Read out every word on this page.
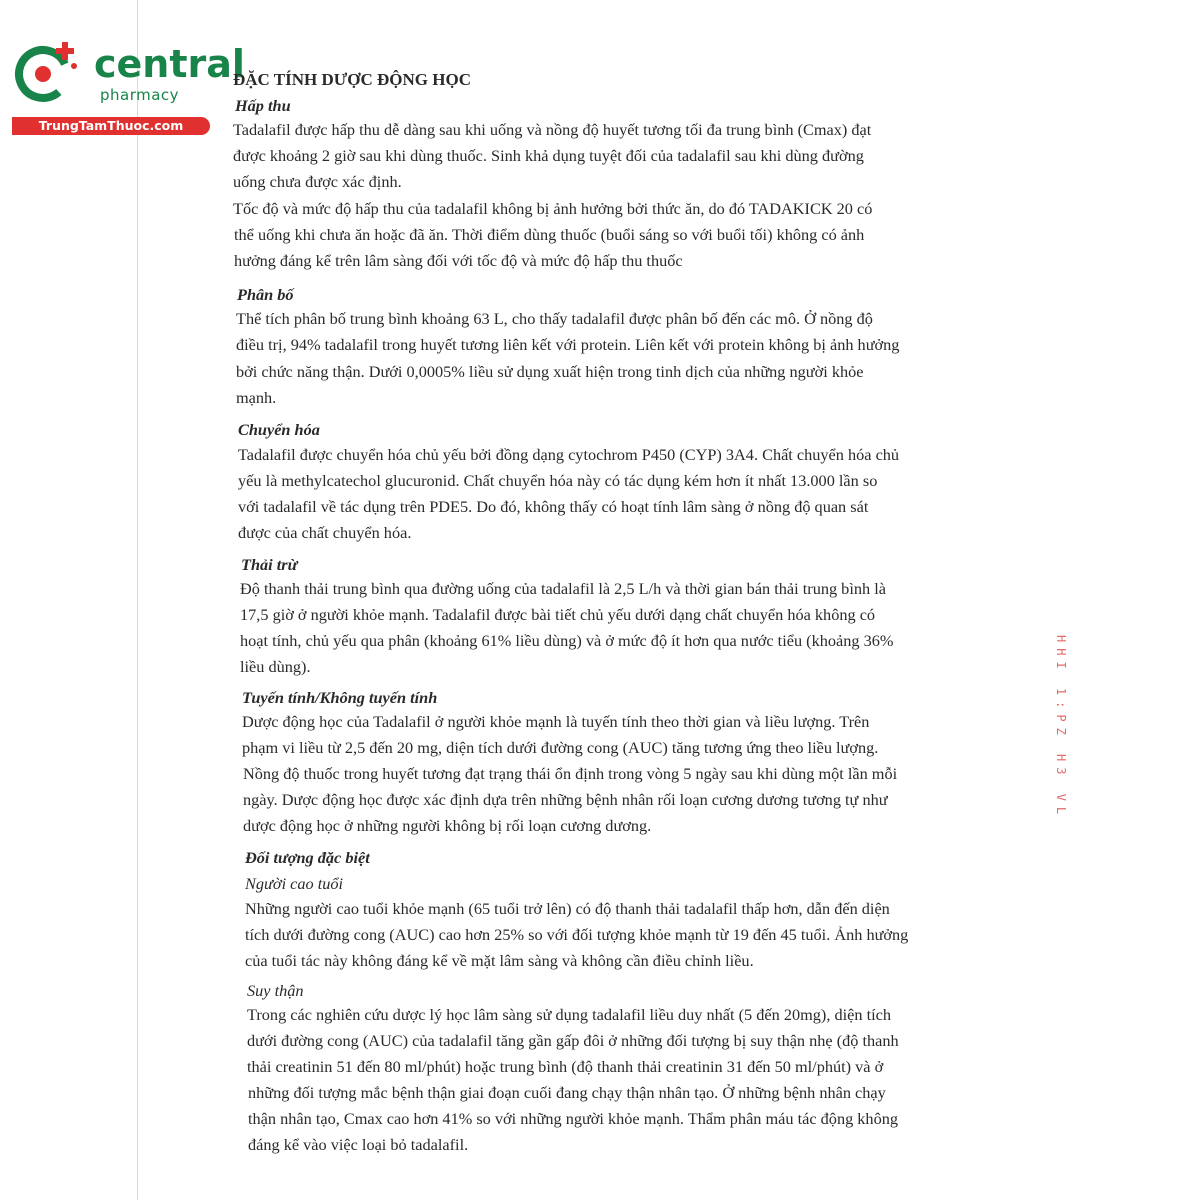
central
pharmacy
TrungTamThuoc.com
ĐẶC TÍNH DƯỢC ĐỘNG HỌC
Hấp thu
Tadalafil được hấp thu dễ dàng sau khi uống và nồng độ huyết tương tối đa trung bình (Cmax) đạt
được khoảng 2 giờ sau khi dùng thuốc. Sinh khả dụng tuyệt đối của tadalafil sau khi dùng đường
uống chưa được xác định.
Tốc độ và mức độ hấp thu của tadalafil không bị ảnh hưởng bởi thức ăn, do đó TADAKICK 20 có
thể uống khi chưa ăn hoặc đã ăn. Thời điểm dùng thuốc (buổi sáng so với buổi tối) không có ảnh
hưởng đáng kể trên lâm sàng đối với tốc độ và mức độ hấp thu thuốc
Phân bố
Thể tích phân bố trung bình khoảng 63 L, cho thấy tadalafil được phân bố đến các mô. Ở nồng độ
điều trị, 94% tadalafil trong huyết tương liên kết với protein. Liên kết với protein không bị ảnh hưởng
bởi chức năng thận. Dưới 0,0005% liều sử dụng xuất hiện trong tinh dịch của những người khỏe
mạnh.
Chuyển hóa
Tadalafil được chuyển hóa chủ yếu bởi đồng dạng cytochrom P450 (CYP) 3A4. Chất chuyển hóa chủ
yếu là methylcatechol glucuronid. Chất chuyển hóa này có tác dụng kém hơn ít nhất 13.000 lần so
với tadalafil về tác dụng trên PDE5. Do đó, không thấy có hoạt tính lâm sàng ở nồng độ quan sát
được của chất chuyển hóa.
Thải trừ
Độ thanh thải trung bình qua đường uống của tadalafil là 2,5 L/h và thời gian bán thải trung bình là
17,5 giờ ở người khỏe mạnh. Tadalafil được bài tiết chủ yếu dưới dạng chất chuyển hóa không có
hoạt tính, chủ yếu qua phân (khoảng 61% liều dùng) và ở mức độ ít hơn qua nước tiểu (khoảng 36%
liều dùng).
Tuyến tính/Không tuyến tính
Dược động học của Tadalafil ở người khỏe mạnh là tuyến tính theo thời gian và liều lượng. Trên
phạm vi liều từ 2,5 đến 20 mg, diện tích dưới đường cong (AUC) tăng tương ứng theo liều lượng.
Nồng độ thuốc trong huyết tương đạt trạng thái ổn định trong vòng 5 ngày sau khi dùng một lần mỗi
ngày. Dược động học được xác định dựa trên những bệnh nhân rối loạn cương dương tương tự như
dược động học ở những người không bị rối loạn cương dương.
Đối tượng đặc biệt
Người cao tuổi
Những người cao tuổi khỏe mạnh (65 tuổi trở lên) có độ thanh thải tadalafil thấp hơn, dẫn đến diện
tích dưới đường cong (AUC) cao hơn 25% so với đối tượng khỏe mạnh từ 19 đến 45 tuổi. Ảnh hưởng
của tuổi tác này không đáng kể về mặt lâm sàng và không cần điều chỉnh liều.
Suy thận
Trong các nghiên cứu dược lý học lâm sàng sử dụng tadalafil liều duy nhất (5 đến 20mg), diện tích
dưới đường cong (AUC) của tadalafil tăng gần gấp đôi ở những đối tượng bị suy thận nhẹ (độ thanh
thải creatinin 51 đến 80 ml/phút) hoặc trung bình (độ thanh thải creatinin 31 đến 50 ml/phút) và ở
những đối tượng mắc bệnh thận giai đoạn cuối đang chạy thận nhân tạo. Ở những bệnh nhân chạy
thận nhân tạo, Cmax cao hơn 41% so với những người khỏe mạnh. Thẩm phân máu tác động không
đáng kể vào việc loại bỏ tadalafil.
HHI 1:PZ H3 VL
